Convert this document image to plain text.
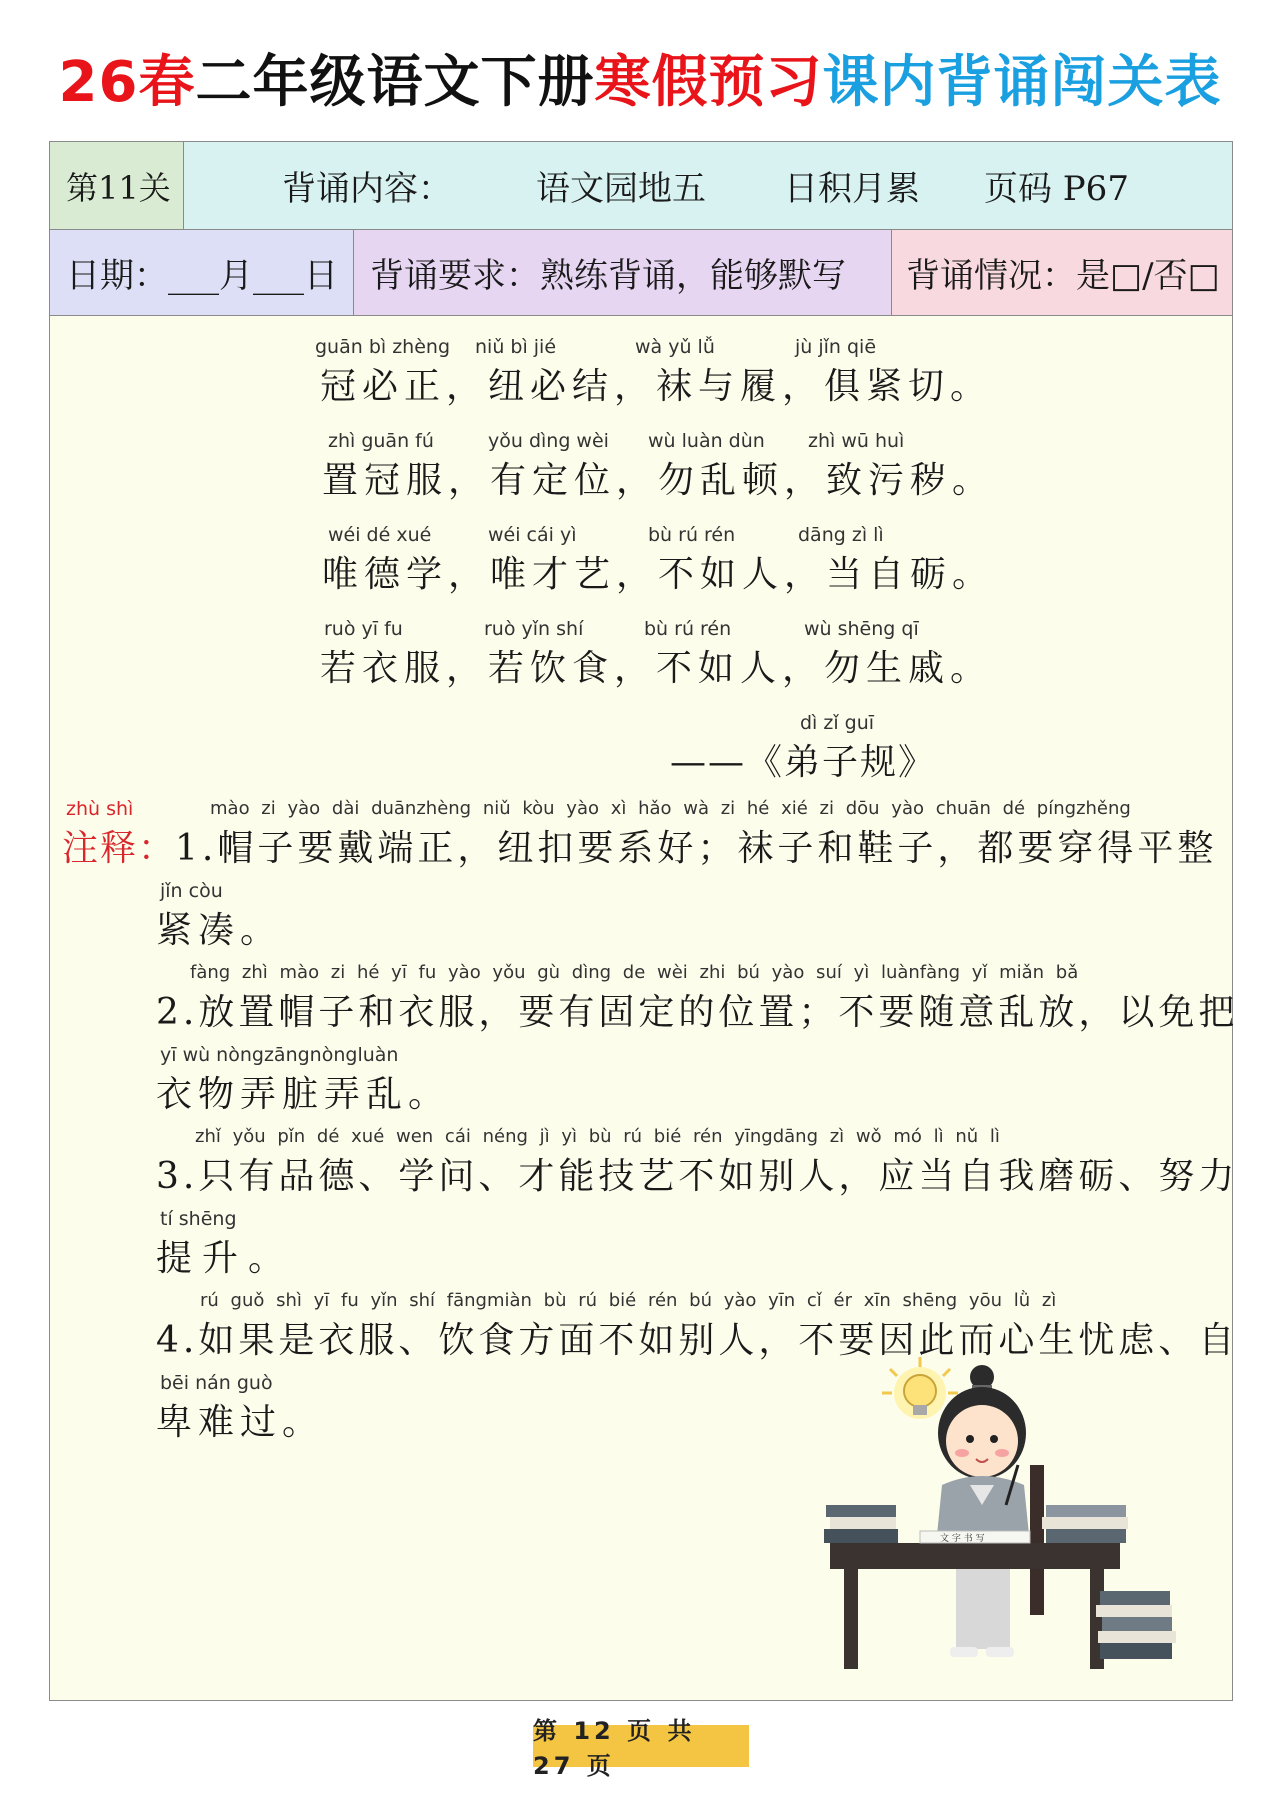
26春二年级语文下册寒假预习课内背诵闯关表
第11关	背诵内容： 语文园地五 日积月累 页码 P67
日期：___月___日 背诵要求：熟练背诵，能够默写	背诵情况：是□/否□
guān bì zhèng niǔ bì jié	wà yǔ lǚ	jù jǐn qiē
冠必正，纽必结，袜与履，俱紧切。
zhì guān fú	yǒu dìng wèi wù luàn dùn zhì wū huì
置冠服，有定位，勿乱顿，致污秽。
wéi dé xué	wéi cái yì	bù rú rén	dāng zì lì
唯德学，唯才艺，不如人，当自砺。
ruò yī fu	ruò yǐn shí	bù rú rén	wù shēng qī
若衣服，若饮食，不如人，勿生戚。
dì zǐ guī
——《弟子规》
zhù shì
注释：
mào zi yào dài duānzhèng niǔ kòu yào xì hǎo wà zi hé xié zi dōu yào chuān dé píngzhěng
1.帽子要戴端正，纽扣要系好；袜子和鞋子，都要穿得平整
jǐn còu
紧凑。
fàng zhì mào zi hé yī fu yào yǒu gù dìng de wèi zhi bú yào suí yì luànfàng yǐ miǎn bǎ
2.放置帽子和衣服，要有固定的位置；不要随意乱放，以免把
yī wù nòngzāngnòngluàn
衣物弄脏弄乱。
zhǐ yǒu pǐn dé xué wen cái néng jì yì bù rú bié rén yīngdāng zì wǒ mó lì nǔ lì
3.只有品德、学问、才能技艺不如别人，应当自我磨砺、努力
tí shēng
提升。
rú guǒ shì yī fu yǐn shí fāngmiàn bù rú bié rén bú yào yīn cǐ ér xīn shēng yōu lǜ zì
4.如果是衣服、饮食方面不如别人，不要因此而心生忧虑、自
bēi nán guò
卑难过。
文 字 书 写
第 12 页 共 27 页
